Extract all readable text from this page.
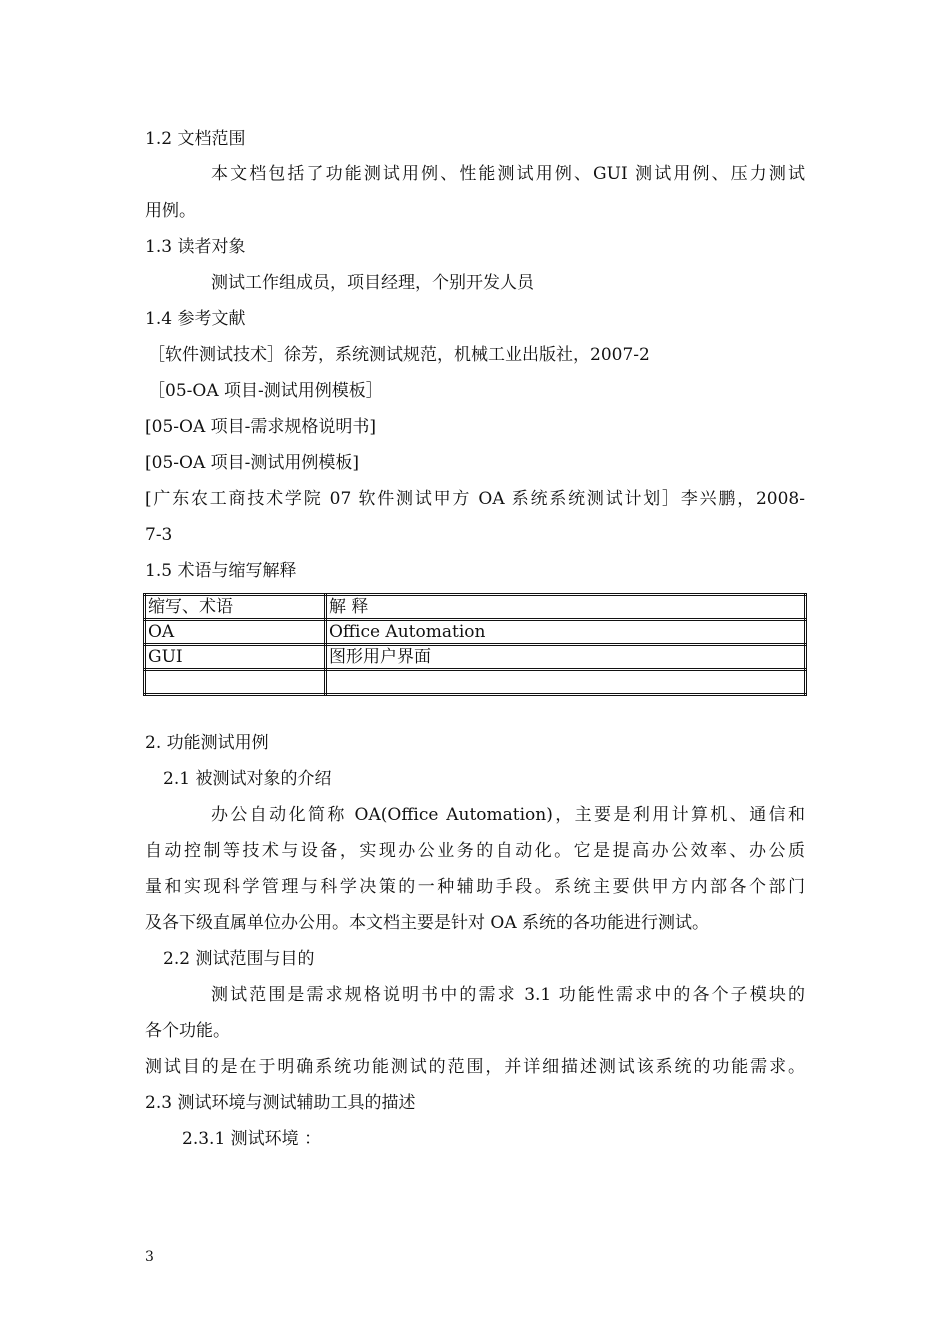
1.2 文档范围
本文档包括了功能测试用例、性能测试用例、GUI 测试用例、压力测试
用例。
1.3 读者对象
测试工作组成员，项目经理，个别开发人员
1.4 参考文献
［软件测试技术］徐芳，系统测试规范，机械工业出版社，2007-2
［05-OA 项目-测试用例模板］
[05-OA 项目-需求规格说明书]
[05-OA 项目-测试用例模板]
[广东农工商技术学院 07 软件测试甲方 OA 系统系统测试计划］李兴鹏，2008-
7-3
1.5 术语与缩写解释
缩写、术语	解 释
OA	Office Automation
GUI	图形用户界面

2. 功能测试用例
2.1 被测试对象的介绍
办公自动化简称 OA(Office Automation)，主要是利用计算机、通信和
自动控制等技术与设备，实现办公业务的自动化。它是提高办公效率、办公质
量和实现科学管理与科学决策的一种辅助手段。系统主要供甲方内部各个部门
及各下级直属单位办公用。本文档主要是针对 OA 系统的各功能进行测试。
2.2 测试范围与目的
测试范围是需求规格说明书中的需求 3.1 功能性需求中的各个子模块的
各个功能。
测试目的是在于明确系统功能测试的范围，并详细描述测试该系统的功能需求。
2.3 测试环境与测试辅助工具的描述
2.3.1 测试环境 ：
3
